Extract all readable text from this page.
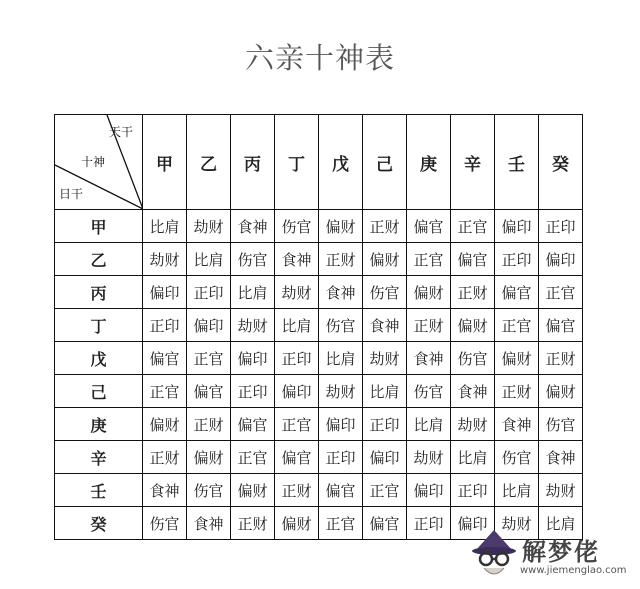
六亲十神表
天干
十神
日干	甲	乙	丙	丁	戊	己	庚	辛	壬	癸
甲	比肩	劫财	食神	伤官	偏财	正财	偏官	正官	偏印	正印
乙	劫财	比肩	伤官	食神	正财	偏财	正官	偏官	正印	偏印
丙	偏印	正印	比肩	劫财	食神	伤官	偏财	正财	偏官	正官
丁	正印	偏印	劫财	比肩	伤官	食神	正财	偏财	正官	偏官
戊	偏官	正官	偏印	正印	比肩	劫财	食神	伤官	偏财	正财
己	正官	偏官	正印	偏印	劫财	比肩	伤官	食神	正财	偏财
庚	偏财	正财	偏官	正官	偏印	正印	比肩	劫财	食神	伤官
辛	正财	偏财	正官	偏官	正印	偏印	劫财	比肩	伤官	食神
壬	食神	伤官	偏财	正财	偏官	正官	偏印	正印	比肩	劫财
癸	伤官	食神	正财	偏财	正官	偏官	正印	偏印	劫财	比肩
解梦佬
www.jiemenglao.com
